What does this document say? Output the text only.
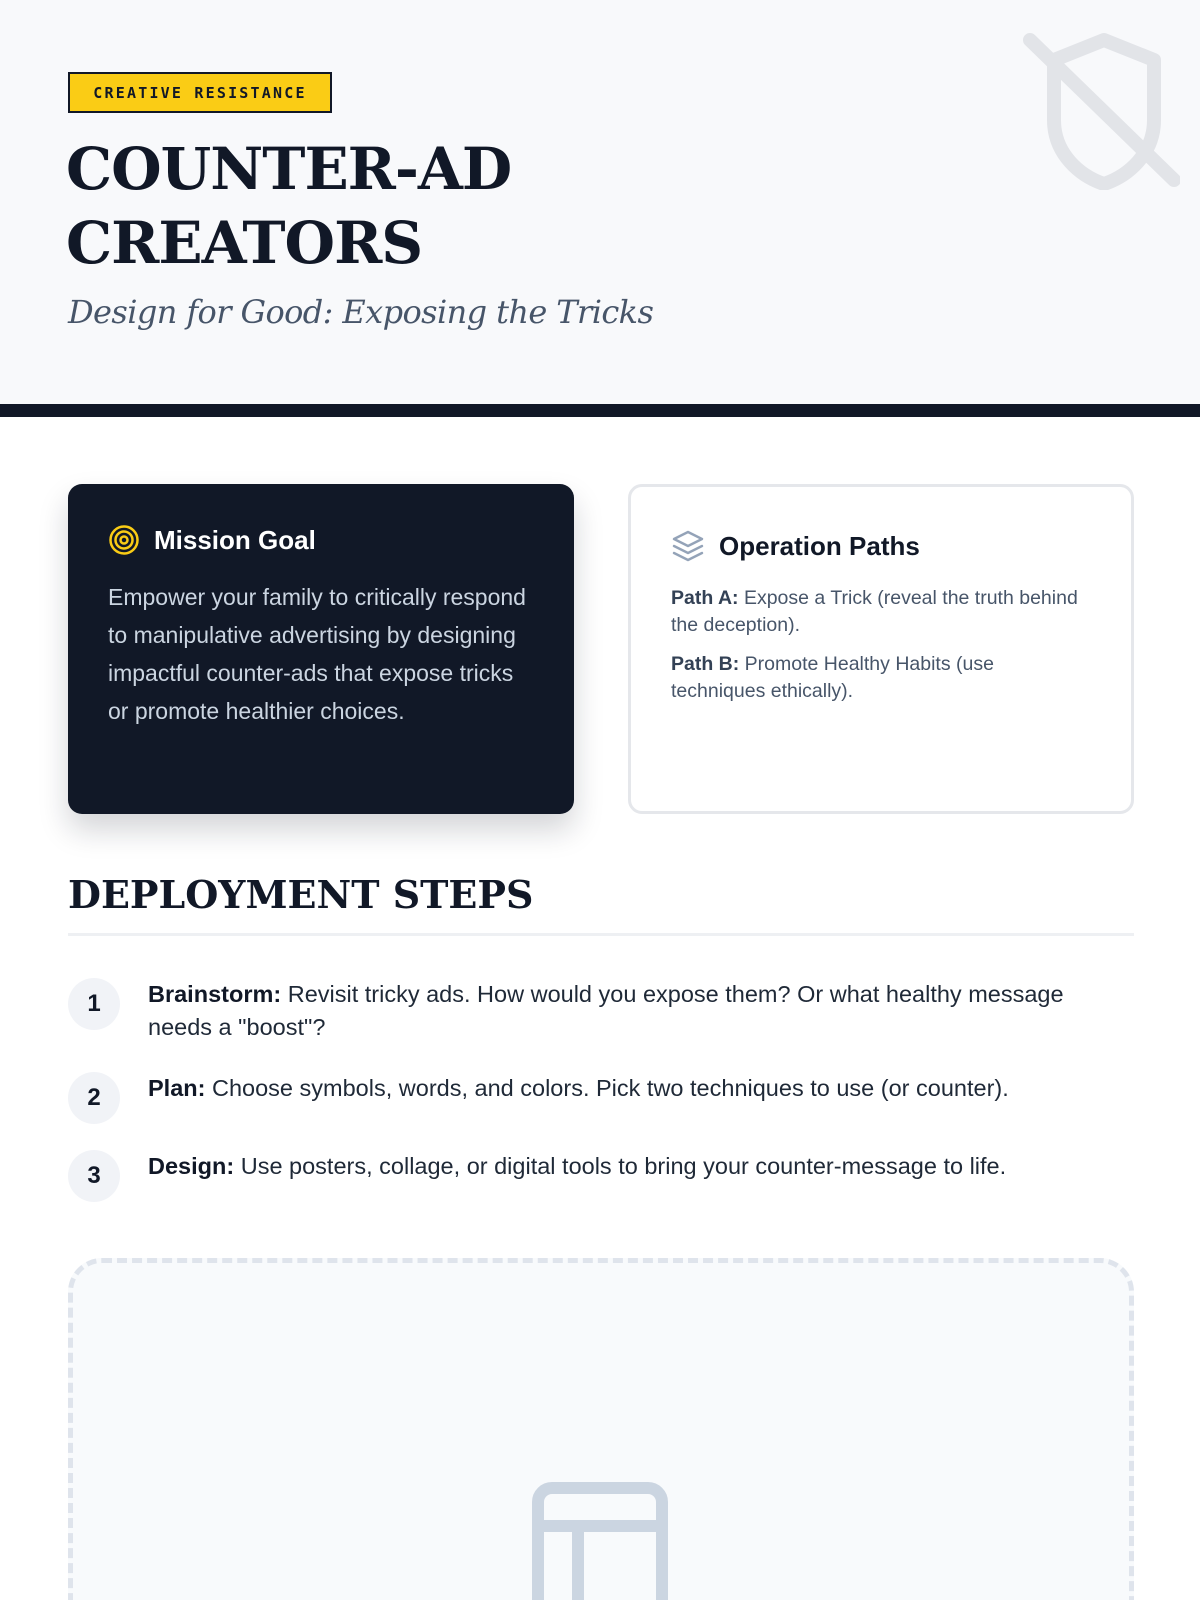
CREATIVE RESISTANCE
COUNTER-AD CREATORS
Design for Good: Exposing the Tricks
Mission Goal

Empower your family to critically respond to manipulative advertising by designing impactful counter-ads that expose tricks or promote healthier choices.

Operation Paths

Path A: Expose a Trick (reveal the truth behind the deception).

Path B: Promote Healthy Habits (use techniques ethically).

DEPLOYMENT STEPS
1	Brainstorm: Revisit tricky ads. How would you expose them? Or what healthy message needs a "boost"?

2	Plan: Choose symbols, words, and colors. Pick two techniques to use (or counter).

3	Design: Use posters, collage, or digital tools to bring your counter-message to life.
